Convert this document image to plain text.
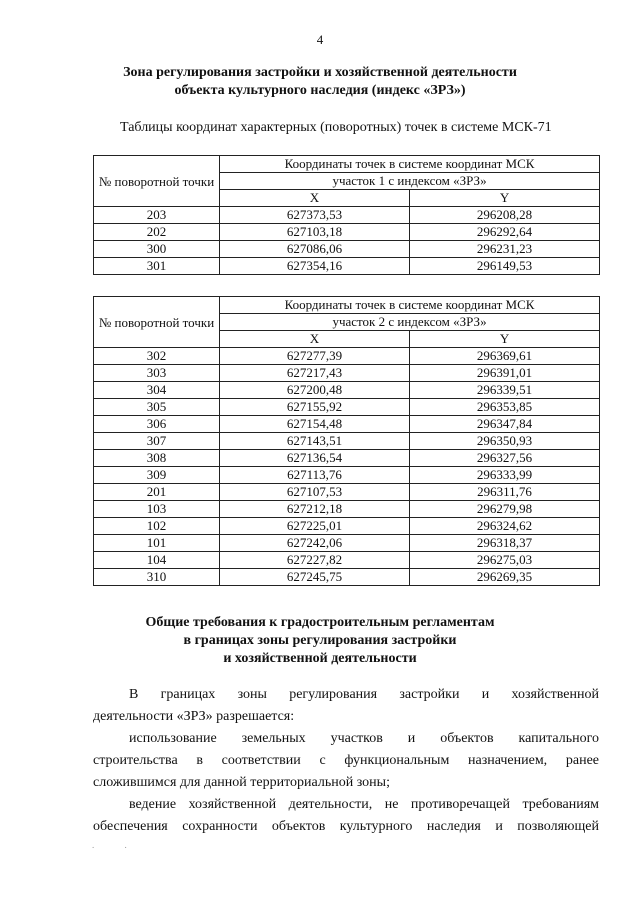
4
Зона регулирования застройки и хозяйственной деятельности
объекта культурного наследия (индекс «ЗРЗ»)
Таблицы координат характерных (поворотных) точек в системе МСК-71
№ поворотной точки	Координаты точек в системе координат МСК	
	участок 1 с индексом «ЗРЗ»	
	X	Y
203	627373,53	296208,28
202	627103,18	296292,64
300	627086,06	296231,23
301	627354,16	296149,53
№ поворотной точки	Координаты точек в системе координат МСК	
	участок 2 с индексом «ЗРЗ»	
	X	Y
302	627277,39	296369,61
303	627217,43	296391,01
304	627200,48	296339,51
305	627155,92	296353,85
306	627154,48	296347,84
307	627143,51	296350,93
308	627136,54	296327,56
309	627113,76	296333,99
201	627107,53	296311,76
103	627212,18	296279,98
102	627225,01	296324,62
101	627242,06	296318,37
104	627227,82	296275,03
310	627245,75	296269,35
Общие требования к градостроительным регламентам
в границах зоны регулирования застройки
и хозяйственной деятельности
В границах зоны регулирования застройки и хозяйственной
деятельности «ЗРЗ» разрешается:
использование земельных участков и объектов капитального
строительства в соответствии с функциональным назначением, ранее
сложившимся для данной территориальной зоны;
ведение хозяйственной деятельности, не противоречащей требованиям
обеспечения сохранности объектов культурного наследия и позволяющей
. .
